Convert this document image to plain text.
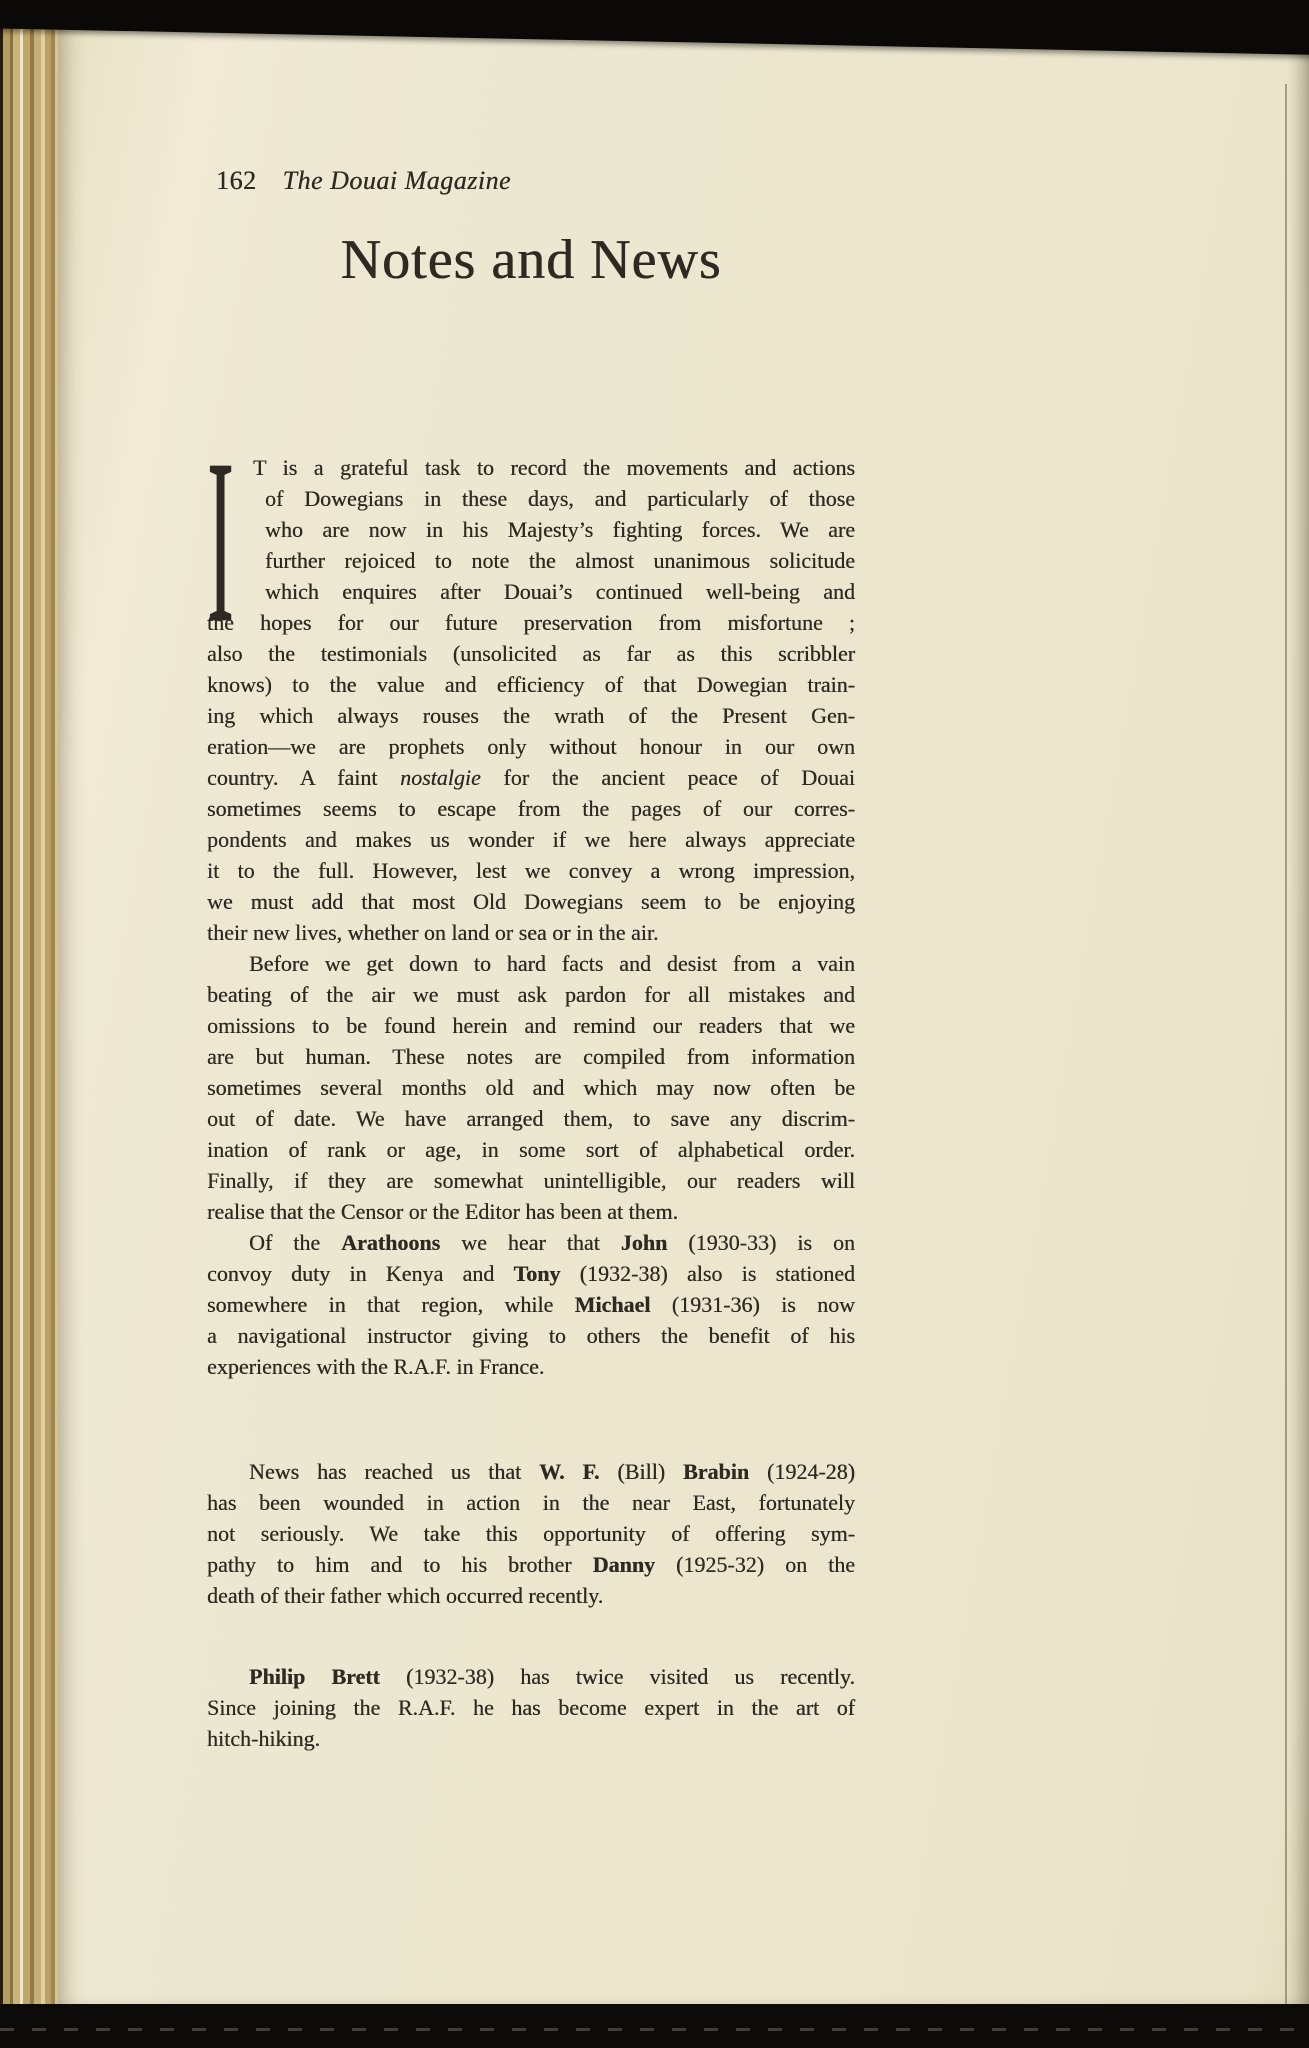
162 The Douai Magazine
Notes and News
I T is a grateful task to record the movements and actions
of Dowegians in these days, and particularly of those
who are now in his Majesty’s fighting forces. We are
further rejoiced to note the almost unanimous solicitude
which enquires after Douai’s continued well-being and
the hopes for our future preservation from misfortune ;
also the testimonials (unsolicited as far as this scribbler
knows) to the value and efficiency of that Dowegian train-
ing which always rouses the wrath of the Present Gen-
eration—we are prophets only without honour in our own
country. A faint nostalgie for the ancient peace of Douai
sometimes seems to escape from the pages of our corres-
pondents and makes us wonder if we here always appreciate
it to the full. However, lest we convey a wrong impression,
we must add that most Old Dowegians seem to be enjoying
their new lives, whether on land or sea or in the air.
Before we get down to hard facts and desist from a vain
beating of the air we must ask pardon for all mistakes and
omissions to be found herein and remind our readers that we
are but human. These notes are compiled from information
sometimes several months old and which may now often be
out of date. We have arranged them, to save any discrim-
ination of rank or age, in some sort of alphabetical order.
Finally, if they are somewhat unintelligible, our readers will
realise that the Censor or the Editor has been at them.
Of the Arathoons we hear that John (1930-33) is on
convoy duty in Kenya and Tony (1932-38) also is stationed
somewhere in that region, while Michael (1931-36) is now
a navigational instructor giving to others the benefit of his
experiences with the R.A.F. in France.
News has reached us that W. F. (Bill) Brabin (1924-28)
has been wounded in action in the near East, fortunately
not seriously. We take this opportunity of offering sym-
pathy to him and to his brother Danny (1925-32) on the
death of their father which occurred recently.
Philip Brett (1932-38) has twice visited us recently.
Since joining the R.A.F. he has become expert in the art of
hitch-hiking.
